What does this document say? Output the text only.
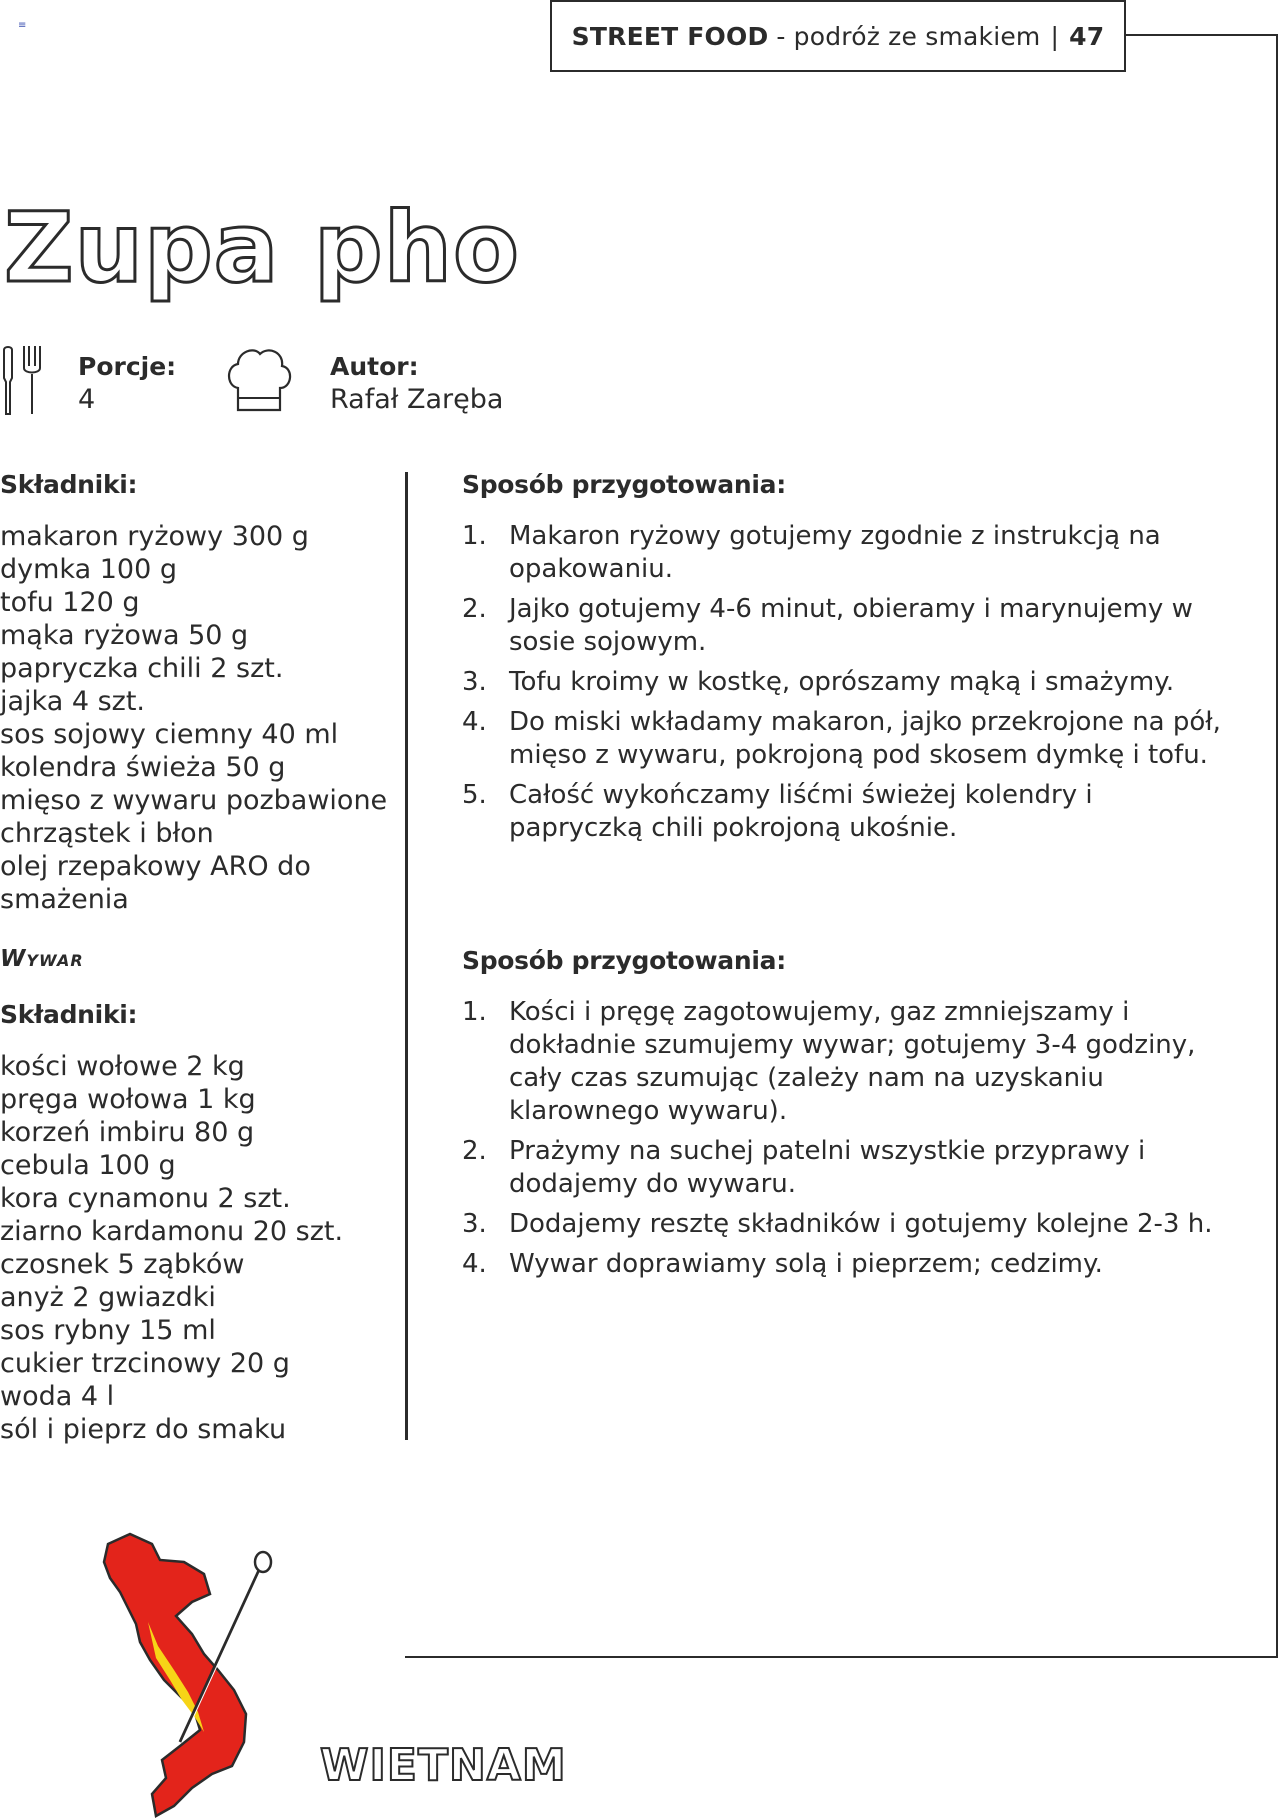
≡	STREET FOOD - podróż ze smakiem | 47
Zupa pho
Porcje:
4
Autor:
Rafał Zaręba
Składniki:
makaron ryżowy 300 g
dymka 100 g
tofu 120 g
mąka ryżowa 50 g
papryczka chili 2 szt.
jajka 4 szt.
sos sojowy ciemny 40 ml
kolendra świeża 50 g
mięso z wywaru pozbawione
chrząstek i błon
olej rzepakowy ARO do
smażenia
Wywar
Składniki:
kości wołowe 2 kg
pręga wołowa 1 kg
korzeń imbiru 80 g
cebula 100 g
kora cynamonu 2 szt.
ziarno kardamonu 20 szt.
czosnek 5 ząbków
anyż 2 gwiazdki
sos rybny 15 ml
cukier trzcinowy 20 g
woda 4 l
sól i pieprz do smaku
Sposób przygotowania:
1. Makaron ryżowy gotujemy zgodnie z instrukcją na opakowaniu.
2. Jajko gotujemy 4-6 minut, obieramy i marynujemy w sosie sojowym.
3. Tofu kroimy w kostkę, oprószamy mąką i smażymy.
4. Do miski wkładamy makaron, jajko przekrojone na pół, mięso z wywaru, pokrojoną pod skosem dymkę i tofu.
5. Całość wykończamy liśćmi świeżej kolendry i papryczką chili pokrojoną ukośnie.
Sposób przygotowania:
1. Kości i pręgę zagotowujemy, gaz zmniejszamy i dokładnie szumujemy wywar; gotujemy 3-4 godziny, cały czas szumując (zależy nam na uzyskaniu klarownego wywaru).
2. Prażymy na suchej patelni wszystkie przyprawy i dodajemy do wywaru.
3. Dodajemy resztę składników i gotujemy kolejne 2-3 h.
4. Wywar doprawiamy solą i pieprzem; cedzimy.
WIETNAM
